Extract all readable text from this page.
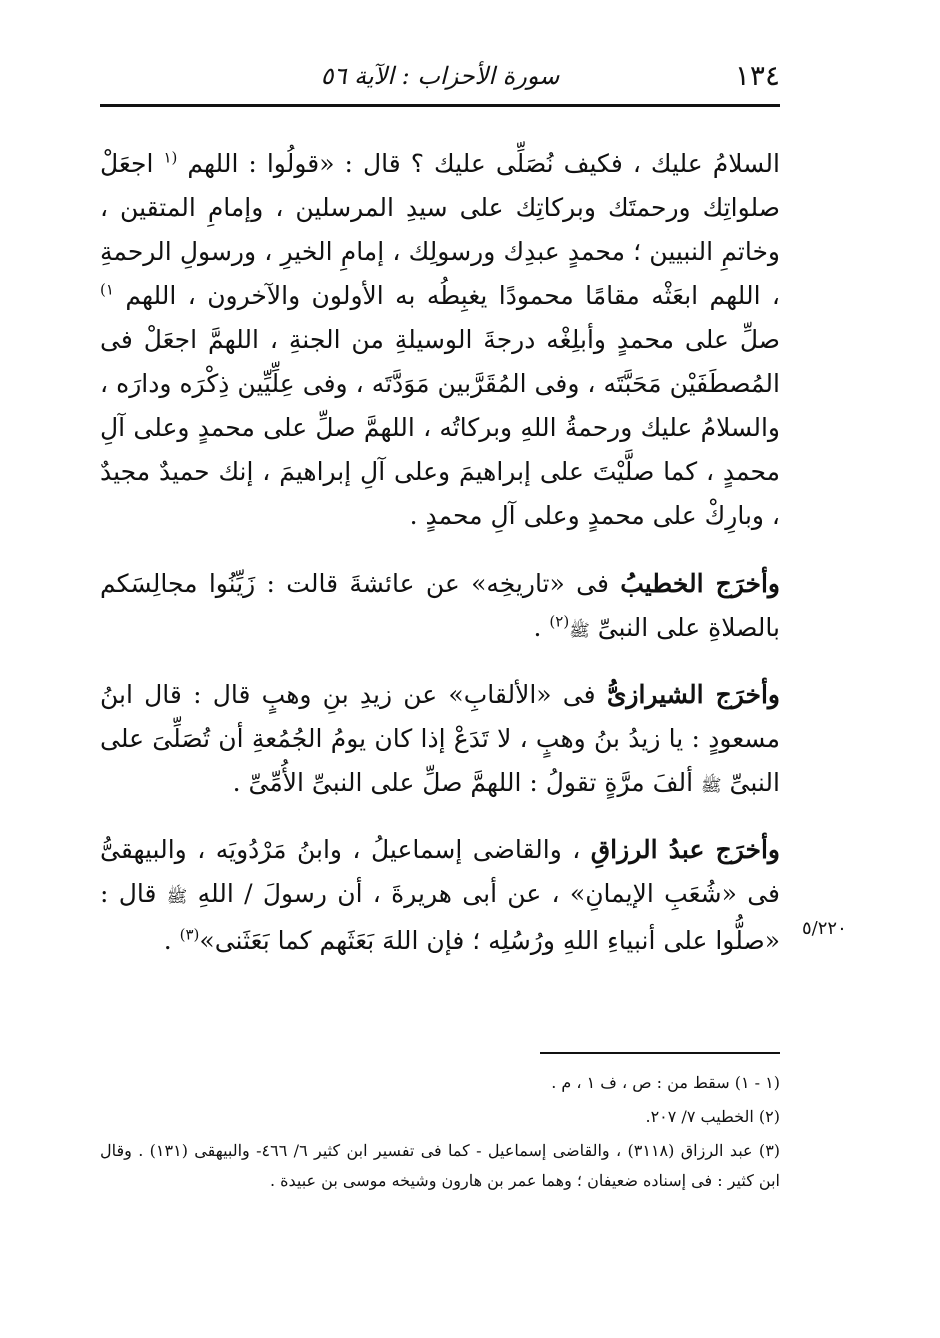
١٣٤
سورة الأحزاب : الآية ٥٦

السلامُ عليك ، فكيف نُصَلِّى عليك ؟ قال : «قولُوا : اللهم $^{(١}$ اجعَلْ صلواتِك ورحمتَك وبركاتِك على سيدِ المرسلين ، وإمامِ المتقين ، وخاتمِ النبيين ؛ محمدٍ عبدِك ورسولِك ، إمامِ الخيرِ ، ورسولِ الرحمةِ ، اللهم ابعَثْه مقامًا محمودًا يغبِطُه به الأولون والآخرون ، اللهم $^{١)}$ صلِّ على محمدٍ وأبلِغْه درجةَ الوسيلةِ من الجنةِ ، اللهمَّ اجعَلْ فى المُصطَفَيْن مَحَبَّتَه ، وفى المُقَرَّبين مَوَدَّتَه ، وفى عِلِّيِّين ذِكْرَه ودارَه ، والسلامُ عليك ورحمةُ اللهِ وبركاتُه ، اللهمَّ صلِّ على محمدٍ وعلى آلِ محمدٍ ، كما صلَّيْتَ على إبراهيمَ وعلى آلِ إبراهيمَ ، إنك حميدٌ مجيدٌ ، وبارِكْ على محمدٍ وعلى آلِ محمدٍ .

وأخرَج الخطيبُ فى «تاريخِه» عن عائشةَ قالت : زَيِّنُوا مجالِسَكم بالصلاةِ على النبىِّ ﷺ$^{(٢)}$ .

وأخرَج الشيرازىُّ فى «الألقابِ» عن زيدِ بنِ وهبٍ قال : قال ابنُ مسعودٍ : يا زيدُ بنُ وهبٍ ، لا تَدَعْ إذا كان يومُ الجُمُعةِ أن تُصَلِّىَ على النبىِّ ﷺ ألفَ مرَّةٍ تقولُ : اللهمَّ صلِّ على النبىِّ الأُمِّىِّ .

وأخرَج عبدُ الرزاقِ ، والقاضى إسماعيلُ ، وابنُ مَرْدُويَه ، والبيهقىُّ فى «شُعَبِ الإيمانِ» ، عن أبى هريرةَ ، أن رسولَ / اللهِ ﷺ قال : «صلُّوا على أنبياءِ اللهِ ورُسُلِه ؛ فإن اللهَ بَعَثَهم كما بَعَثَنى»$^{(٣)}$ .	٥/٢٢٠

(١ - ١) سقط من : ص ، ف ١ ، م .

(٢) الخطيب ٧/ ٢٠٧.

(٣) عبد الرزاق (٣١١٨) ، والقاضى إسماعيل - كما فى تفسير ابن كثير ٦/ ٤٦٦- والبيهقى (١٣١) . وقال ابن كثير : فى إسناده ضعيفان ؛ وهما عمر بن هارون وشيخه موسى بن عبيدة .
